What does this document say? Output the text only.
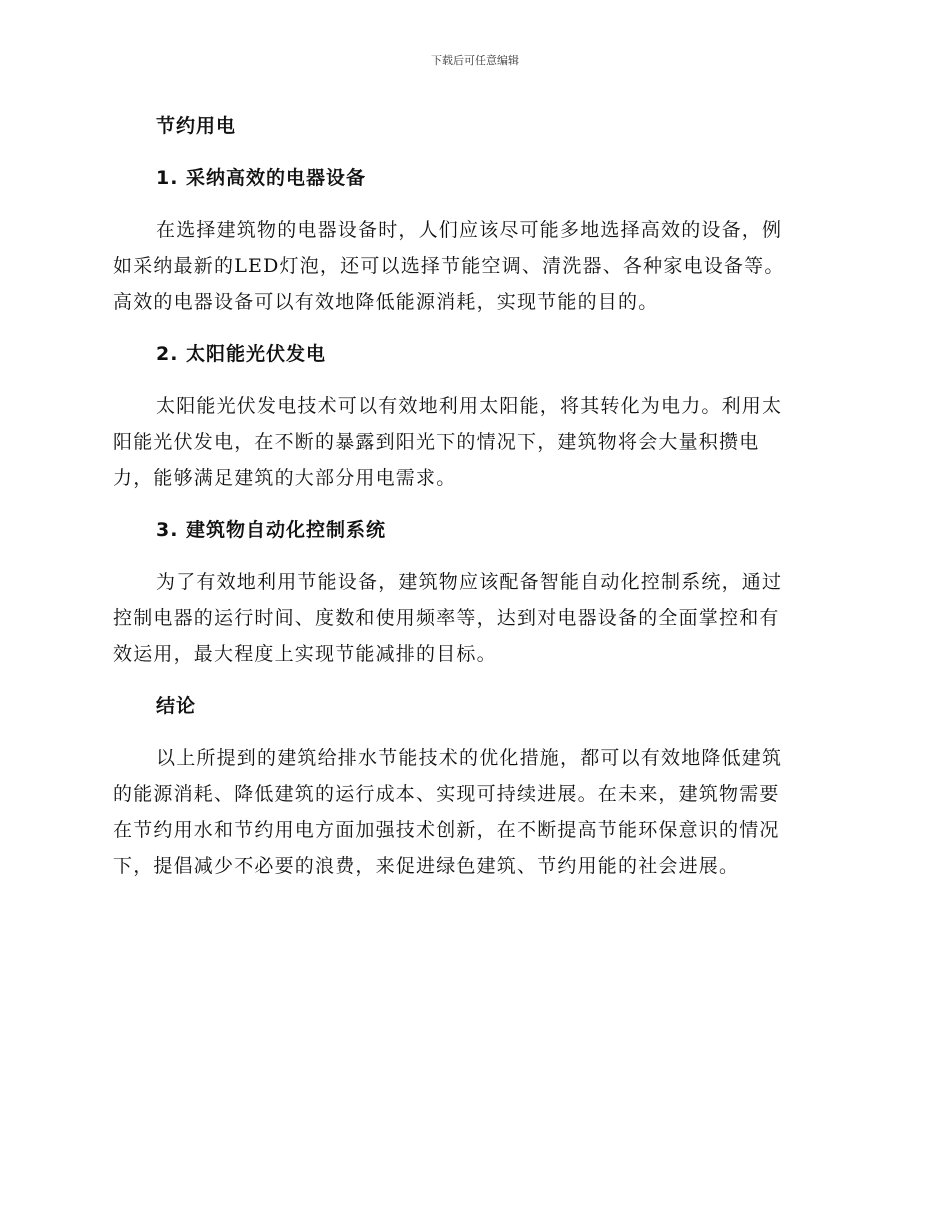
下载后可任意编辑
节约用电
1. 采纳高效的电器设备
在选择建筑物的电器设备时，人们应该尽可能多地选择高效的设备，例
如采纳最新的LED灯泡，还可以选择节能空调、清洗器、各种家电设备等。
高效的电器设备可以有效地降低能源消耗，实现节能的目的。
2. 太阳能光伏发电
太阳能光伏发电技术可以有效地利用太阳能，将其转化为电力。利用太
阳能光伏发电，在不断的暴露到阳光下的情况下，建筑物将会大量积攒电
力，能够满足建筑的大部分用电需求。
3. 建筑物自动化控制系统
为了有效地利用节能设备，建筑物应该配备智能自动化控制系统，通过
控制电器的运行时间、度数和使用频率等，达到对电器设备的全面掌控和有
效运用，最大程度上实现节能减排的目标。
结论
以上所提到的建筑给排水节能技术的优化措施，都可以有效地降低建筑
的能源消耗、降低建筑的运行成本、实现可持续进展。在未来，建筑物需要
在节约用水和节约用电方面加强技术创新，在不断提高节能环保意识的情况
下，提倡减少不必要的浪费，来促进绿色建筑、节约用能的社会进展。
